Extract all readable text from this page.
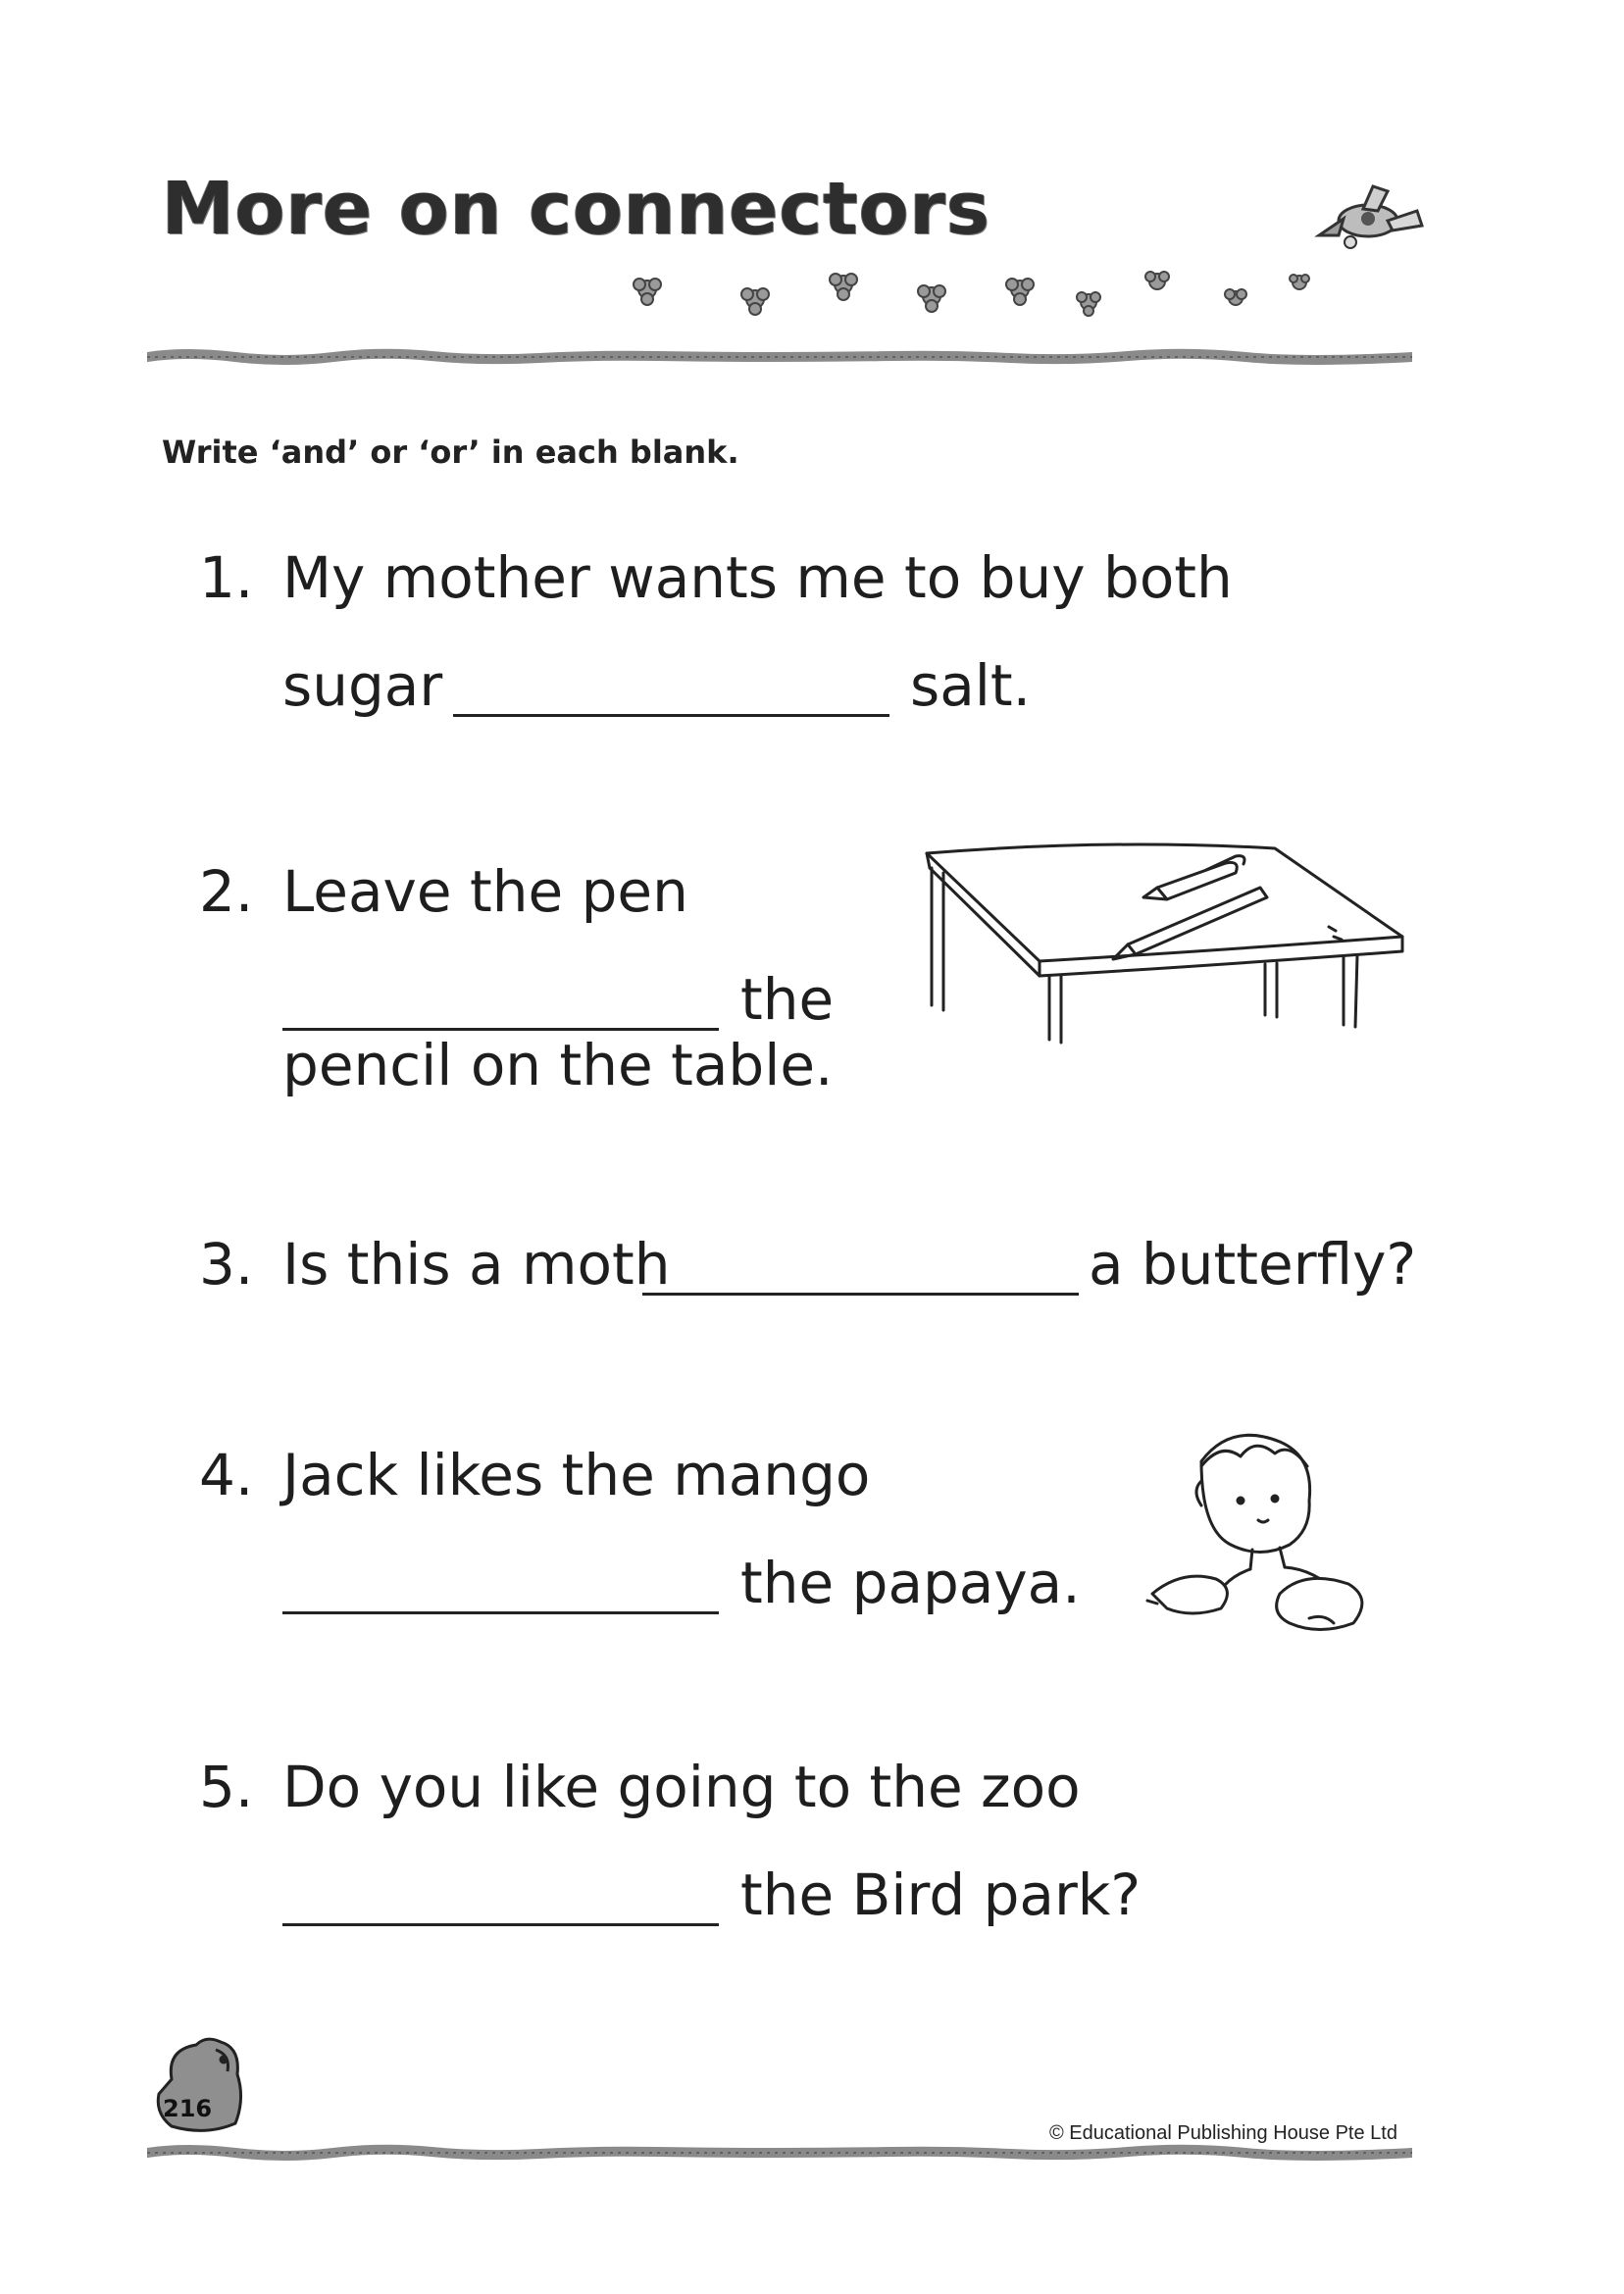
More on connectors
Write ‘and’ or ‘or’ in each blank.
1. My mother wants me to buy both
sugar	salt.
2. Leave the pen
the
pencil on the table.
3. Is this a moth	a butterfly?
4. Jack likes the mango
the papaya.
5. Do you like going to the zoo
the Bird park?
216
© Educational Publishing House Pte Ltd
